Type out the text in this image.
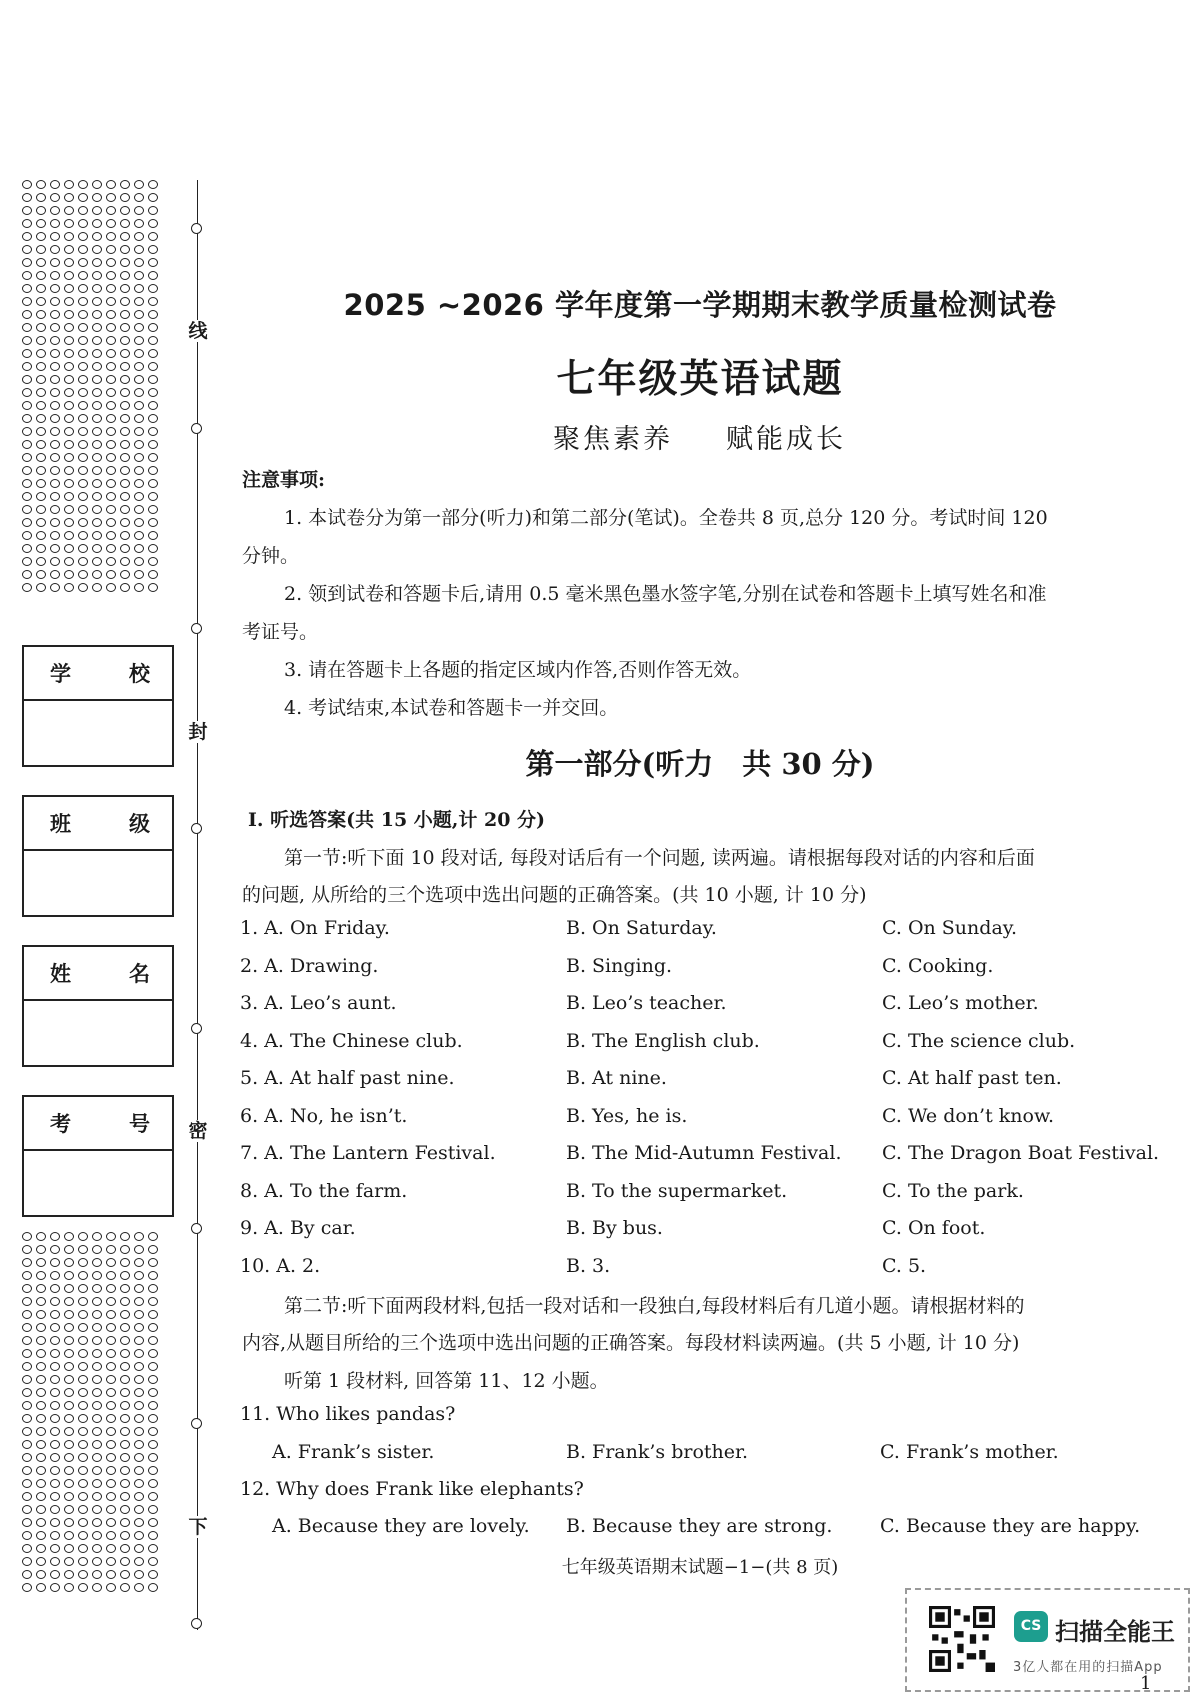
学	校
班	级
姓	名
考	号
线
封
密
下
2025 ~2026 学年度第一学期期末教学质量检测试卷
七年级英语试题
聚焦素养 赋能成长
注意事项:
1. 本试卷分为第一部分(听力)和第二部分(笔试)。全卷共 8 页,总分 120 分。考试时间 120
分钟。
2. 领到试卷和答题卡后,请用 0.5 毫米黑色墨水签字笔,分别在试卷和答题卡上填写姓名和准
考证号。
3. 请在答题卡上各题的指定区域内作答,否则作答无效。
4. 考试结束,本试卷和答题卡一并交回。
第一部分(听力　共 30 分)
Ⅰ. 听选答案(共 15 小题,计 20 分)
第一节:听下面 10 段对话, 每段对话后有一个问题, 读两遍。请根据每段对话的内容和后面
的问题, 从所给的三个选项中选出问题的正确答案。(共 10 小题, 计 10 分)
1. A. On Friday.	B. On Saturday.	C. On Sunday.
2. A. Drawing.	B. Singing.	C. Cooking.
3. A. Leo’s aunt.	B. Leo’s teacher.	C. Leo’s mother.
4. A. The Chinese club.	B. The English club.	C. The science club.
5. A. At half past nine.	B. At nine.	C. At half past ten.
6. A. No, he isn’t.	B. Yes, he is.	C. We don’t know.
7. A. The Lantern Festival.	B. The Mid-Autumn Festival. C. The Dragon Boat Festival.
8. A. To the farm.	B. To the supermarket.	C. To the park.
9. A. By car.	B. By bus.	C. On foot.
10. A. 2.	B. 3.	C. 5.
第二节:听下面两段材料,包括一段对话和一段独白,每段材料后有几道小题。请根据材料的
内容,从题目所给的三个选项中选出问题的正确答案。每段材料读两遍。(共 5 小题, 计 10 分)
听第 1 段材料, 回答第 11、12 小题。
11. Who likes pandas?
A. Frank’s sister.	B. Frank’s brother.	C. Frank’s mother.
12. Why does Frank like elephants?
A. Because they are lovely. B. Because they are strong.	C. Because they are happy.
七年级英语期末试题−1−(共 8 页)
CS 扫描全能王
3亿人都在用的扫描App
1
